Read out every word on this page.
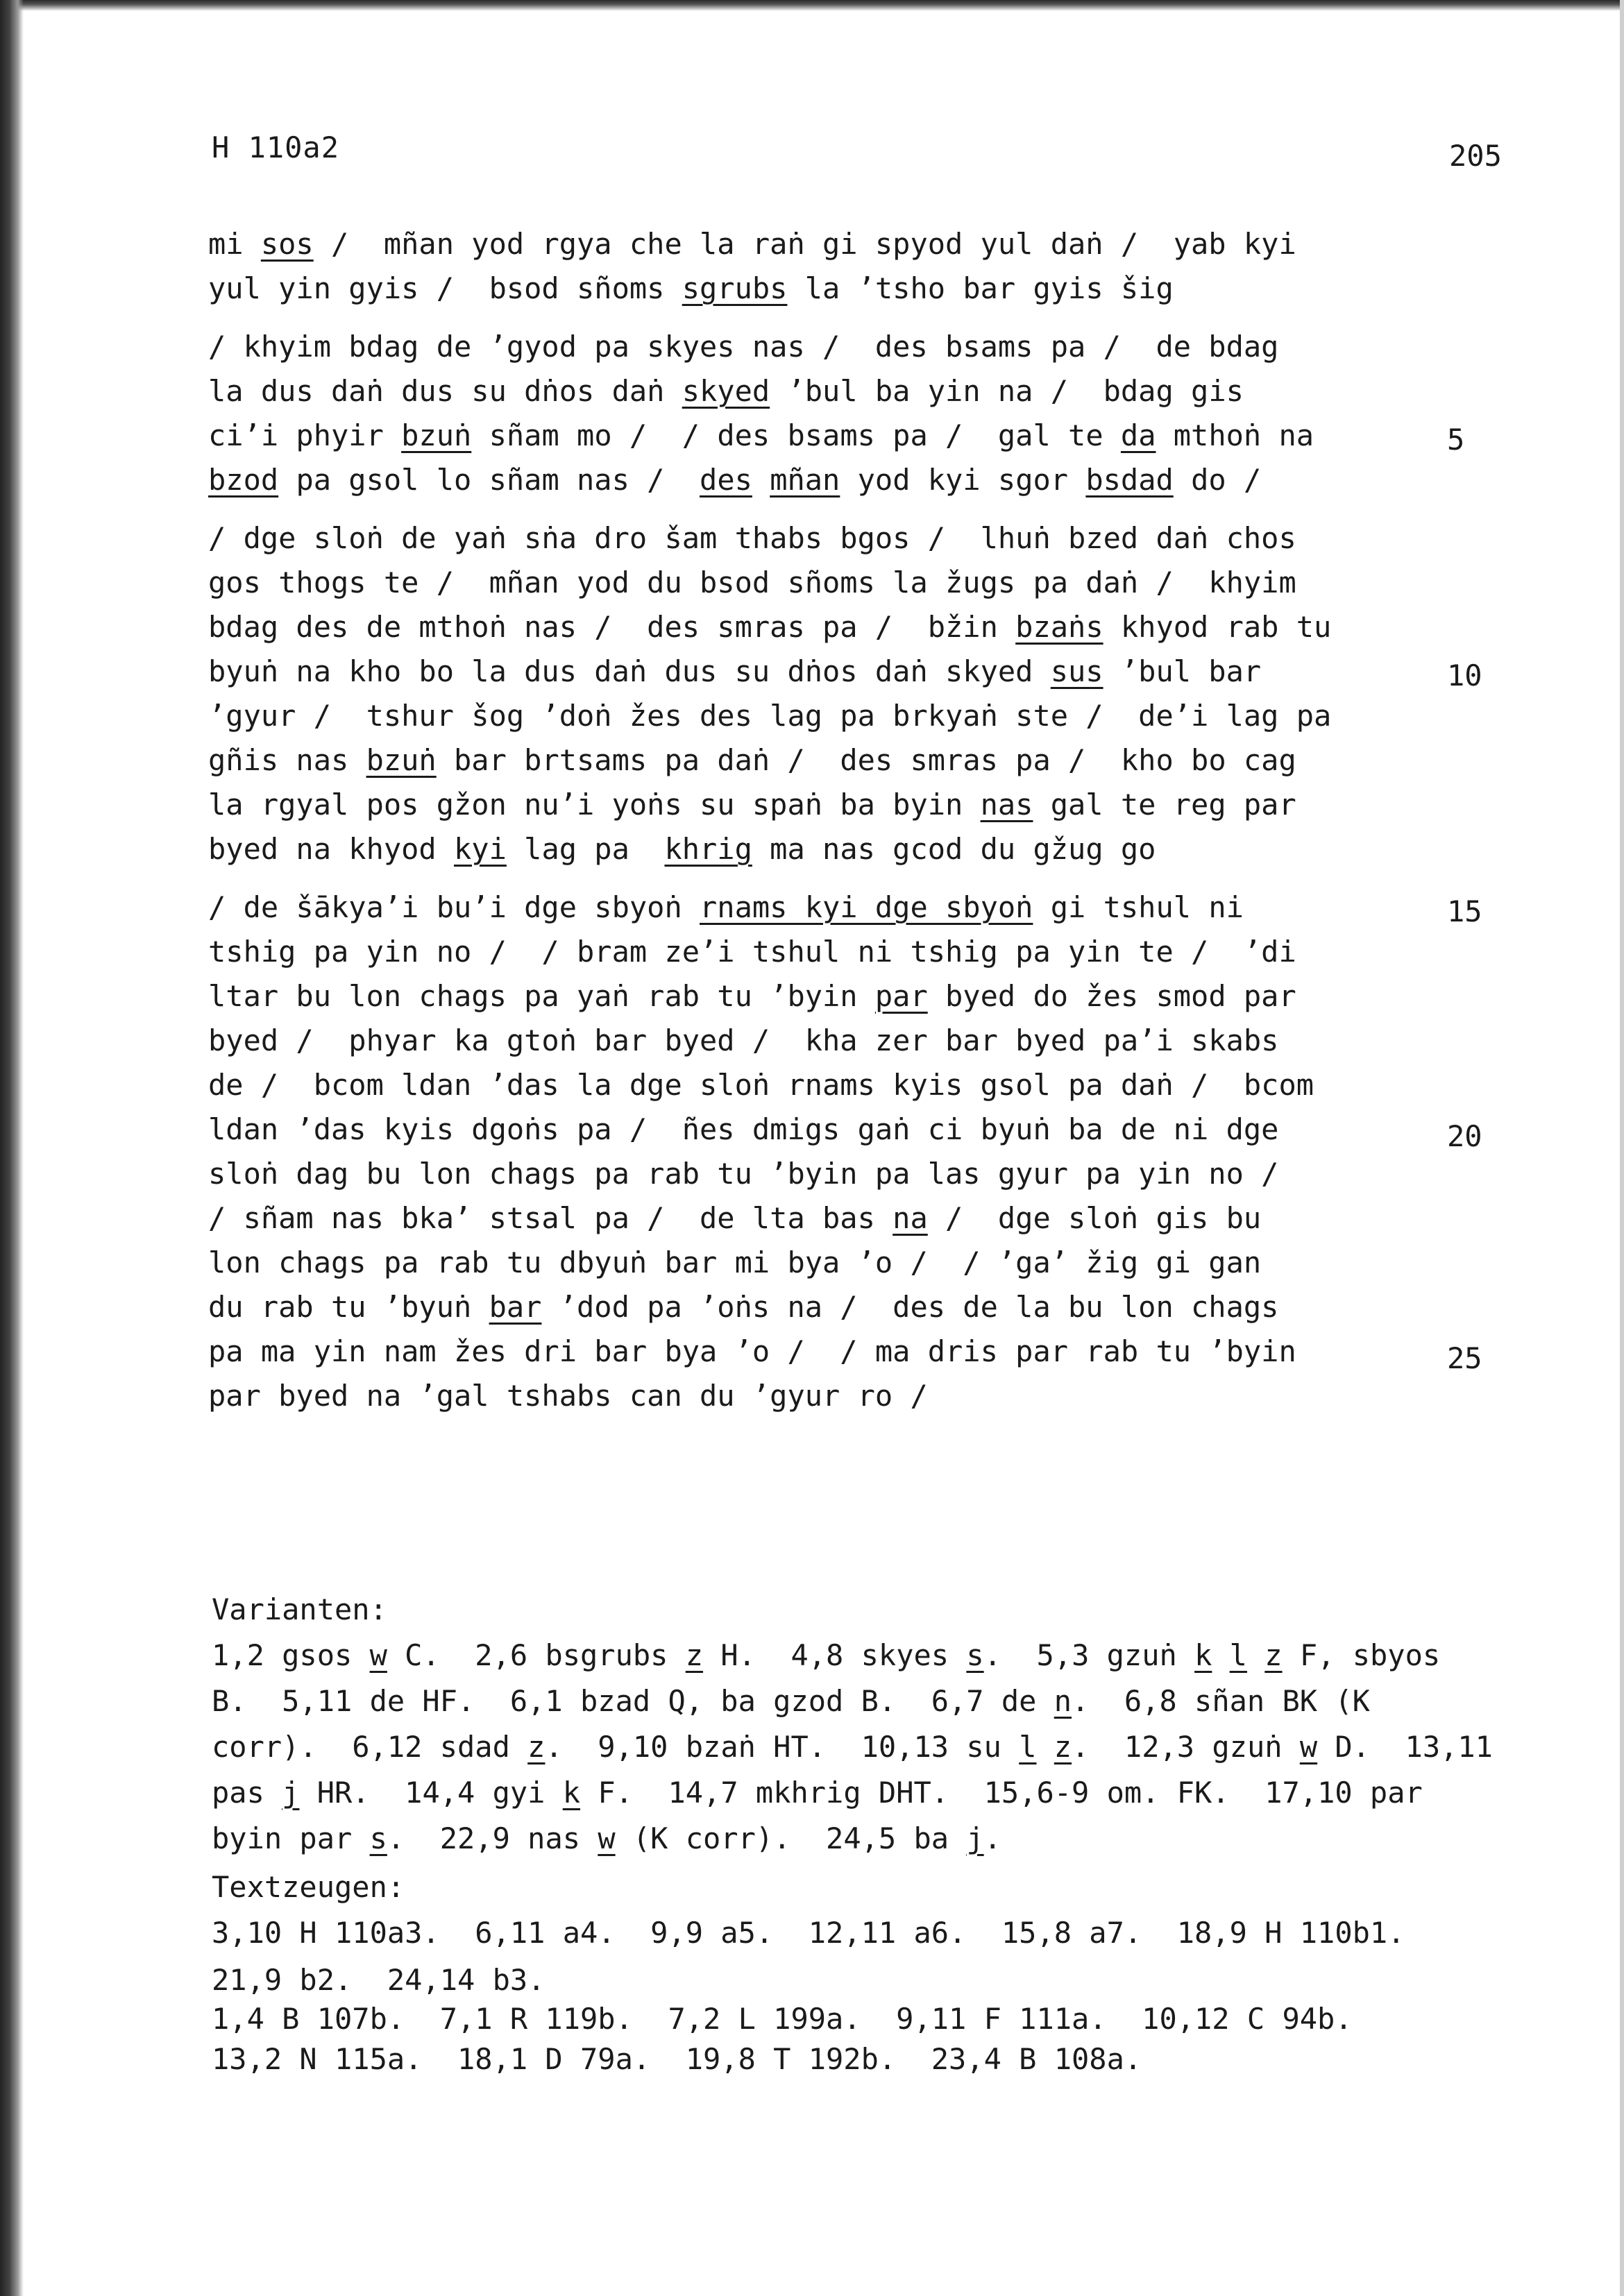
H 110a2	205
mi sos /  mñan yod rgya che la raṅ gi spyod yul daṅ /  yab kyi
yul yin gyis /  bsod sñoms sgrubs la ’tsho bar gyis šig
/ khyim bdag de ’gyod pa skyes nas /  des bsams pa /  de bdag
la dus daṅ dus su dṅos daṅ skyed ’bul ba yin na /  bdag gis
ci’i phyir bzuṅ sñam mo /  / des bsams pa /  gal te da mthoṅ na
bzod pa gsol lo sñam nas /  des mñan yod kyi sgor bsdad do /
/ dge sloṅ de yaṅ sṅa dro šam thabs bgos /  lhuṅ bzed daṅ chos
gos thogs te /  mñan yod du bsod sñoms la žugs pa daṅ /  khyim
bdag des de mthoṅ nas /  des smras pa /  bžin bzaṅs khyod rab tu
byuṅ na kho bo la dus daṅ dus su dṅos daṅ skyed sus ’bul bar
’gyur /  tshur šog ’doṅ žes des lag pa brkyaṅ ste /  de’i lag pa
gñis nas bzuṅ bar brtsams pa daṅ /  des smras pa /  kho bo cag
la rgyal pos gžon nu’i yoṅs su spaṅ ba byin nas gal te reg par
byed na khyod kyi lag pa  khrig ma nas gcod du gžug go
/ de šākya’i bu’i dge sbyoṅ rnams kyi dge sbyoṅ gi tshul ni
tshig pa yin no /  / bram ze’i tshul ni tshig pa yin te /  ’di
ltar bu lon chags pa yaṅ rab tu ’byin par byed do žes smod par
byed /  phyar ka gtoṅ bar byed /  kha zer bar byed pa’i skabs
de /  bcom ldan ’das la dge sloṅ rnams kyis gsol pa daṅ /  bcom
ldan ’das kyis dgoṅs pa /  ñes dmigs gaṅ ci byuṅ ba de ni dge
sloṅ dag bu lon chags pa rab tu ’byin pa las gyur pa yin no /
/ sñam nas bka’ stsal pa /  de lta bas na /  dge sloṅ gis bu
lon chags pa rab tu dbyuṅ bar mi bya ’o /  / ’ga’ žig gi gan
du rab tu ’byuṅ bar ’dod pa ’oṅs na /  des de la bu lon chags
pa ma yin nam žes dri bar bya ’o /  / ma dris par rab tu ’byin
par byed na ’gal tshabs can du ’gyur ro /
5
10
15
20
25
Varianten:
Textzeugen:
1,2 gsos w C.  2,6 bsgrubs z H.  4,8 skyes s.  5,3 gzuṅ k l z F, sbyos
B.  5,11 de HF.  6,1 bzad Q, ba gzod B.  6,7 de n.  6,8 sñan BK (K
corr).  6,12 sdad z.  9,10 bzaṅ HT.  10,13 su l z.  12,3 gzuṅ w D.  13,11
pas j HR.  14,4 gyi k F.  14,7 mkhrig DHT.  15,6-9 om. FK.  17,10 par
byin par s.  22,9 nas w (K corr).  24,5 ba j.
3,10 H 110a3.  6,11 a4.  9,9 a5.  12,11 a6.  15,8 a7.  18,9 H 110b1.
21,9 b2.  24,14 b3.
1,4 B 107b.  7,1 R 119b.  7,2 L 199a.  9,11 F 111a.  10,12 C 94b.
13,2 N 115a.  18,1 D 79a.  19,8 T 192b.  23,4 B 108a.
